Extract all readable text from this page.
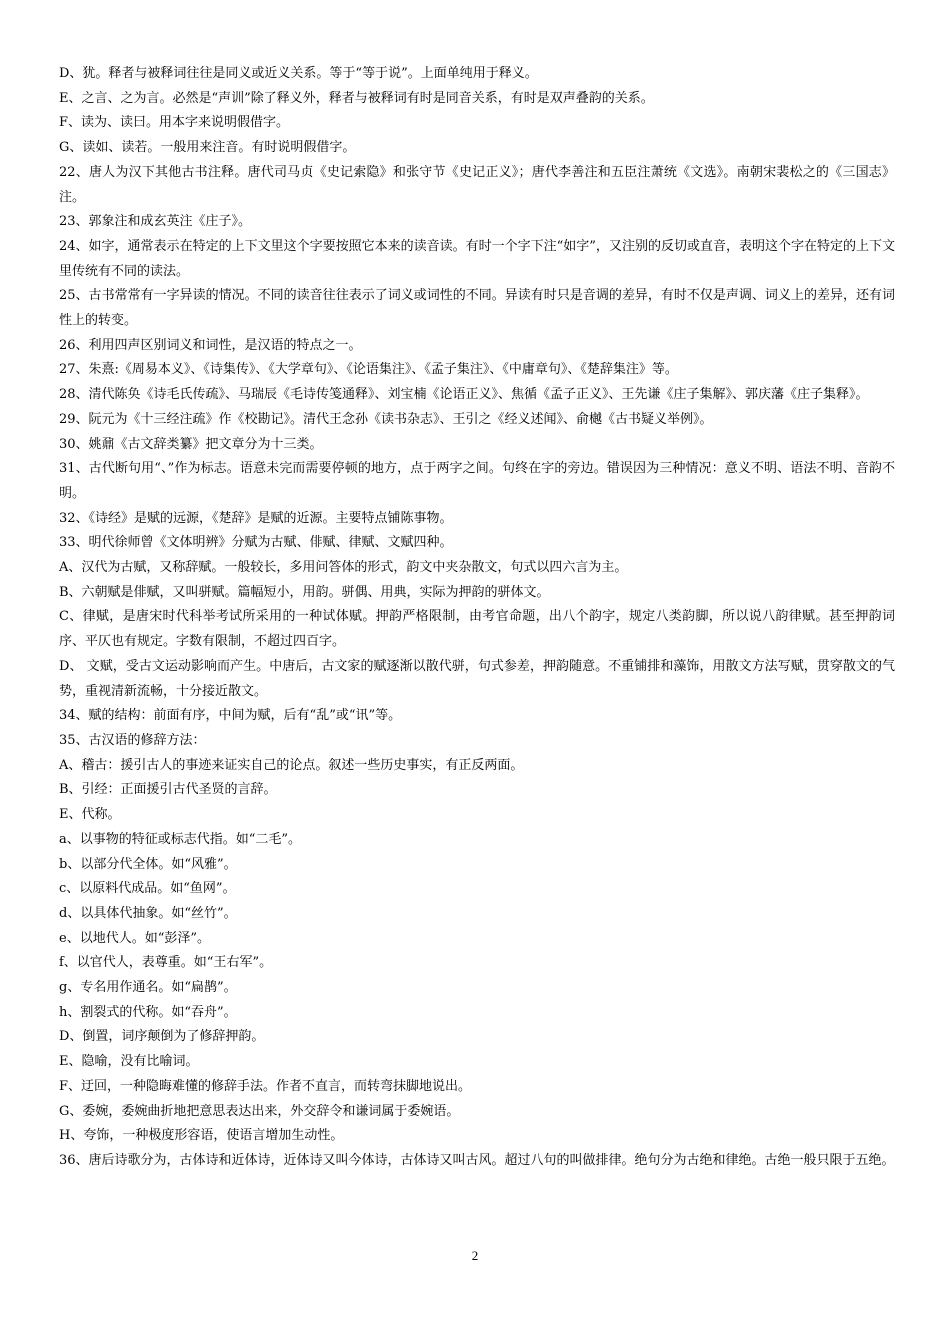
D、犹。释者与被释词往往是同义或近义关系。等于“等于说”。上面单纯用于释义。

E、之言、之为言。必然是“声训”除了释义外，释者与被释词有时是同音关系，有时是双声叠韵的关系。

F、读为、读曰。用本字来说明假借字。

G、读如、读若。一般用来注音。有时说明假借字。

22、唐人为汉下其他古书注释。唐代司马贞《史记索隐》和张守节《史记正义》；唐代李善注和五臣注萧统《文选》。南朝宋裴松之的《三国志》注。

23、郭象注和成玄英注《庄子》。

24、如字，通常表示在特定的上下文里这个字要按照它本来的读音读。有时一个字下注“如字”，又注别的反切或直音，表明这个字在特定的上下文里传统有不同的读法。

25、古书常常有一字异读的情况。不同的读音往往表示了词义或词性的不同。异读有时只是音调的差异，有时不仅是声调、词义上的差异，还有词性上的转变。

26、利用四声区别词义和词性，是汉语的特点之一。

27、朱熹:《周易本义》、《诗集传》、《大学章句》、《论语集注》、《孟子集注》、《中庸章句》、《楚辞集注》等。

28、清代陈奂《诗毛氏传疏》、马瑞辰《毛诗传笺通释》、刘宝楠《论语正义》、焦循《孟子正义》、王先谦《庄子集解》、郭庆藩《庄子集释》。

29、阮元为《十三经注疏》作《校勘记》。清代王念孙《读书杂志》、王引之《经义述闻》、俞樾《古书疑义举例》。

30、姚鼐《古文辞类纂》把文章分为十三类。

31、古代断句用“、”作为标志。语意未完而需要停顿的地方，点于两字之间。句终在字的旁边。错误因为三种情况：意义不明、语法不明、音韵不明。

32、《诗经》是赋的远源，《楚辞》是赋的近源。主要特点铺陈事物。

33、明代徐师曾《文体明辨》分赋为古赋、俳赋、律赋、文赋四种。

A、汉代为古赋，又称辞赋。一般较长，多用问答体的形式，韵文中夹杂散文，句式以四六言为主。

B、六朝赋是俳赋，又叫骈赋。篇幅短小，用韵。骈偶、用典，实际为押韵的骈体文。

C、律赋，是唐宋时代科举考试所采用的一种试体赋。押韵严格限制，由考官命题，出八个韵字，规定八类韵脚，所以说八韵律赋。甚至押韵词序、平仄也有规定。字数有限制，不超过四百字。

D、 文赋，受古文运动影响而产生。中唐后，古文家的赋逐渐以散代骈，句式参差，押韵随意。不重铺排和藻饰，用散文方法写赋，贯穿散文的气势，重视清新流畅，十分接近散文。

34、赋的结构：前面有序，中间为赋，后有“乱”或“讯”等。

35、古汉语的修辞方法：

A、稽古：援引古人的事迹来证实自己的论点。叙述一些历史事实，有正反两面。

B、引经：正面援引古代圣贤的言辞。

E、代称。

a、以事物的特征或标志代指。如“二毛”。

b、以部分代全体。如“风雅”。

c、以原料代成品。如“鱼网”。

d、以具体代抽象。如“丝竹”。

e、以地代人。如“彭泽”。

f、以官代人，表尊重。如“王右军”。

g、专名用作通名。如“扁鹊”。

h、割裂式的代称。如“吞舟”。

D、倒置，词序颠倒为了修辞押韵。

E、隐喻，没有比喻词。

F、迂回，一种隐晦难懂的修辞手法。作者不直言，而转弯抹脚地说出。

G、委婉，委婉曲折地把意思表达出来，外交辞令和谦词属于委婉语。

H、夸饰，一种极度形容语，使语言增加生动性。

36、唐后诗歌分为，古体诗和近体诗，近体诗又叫今体诗，古体诗又叫古风。超过八句的叫做排律。绝句分为古绝和律绝。古绝一般只限于五绝。

2
